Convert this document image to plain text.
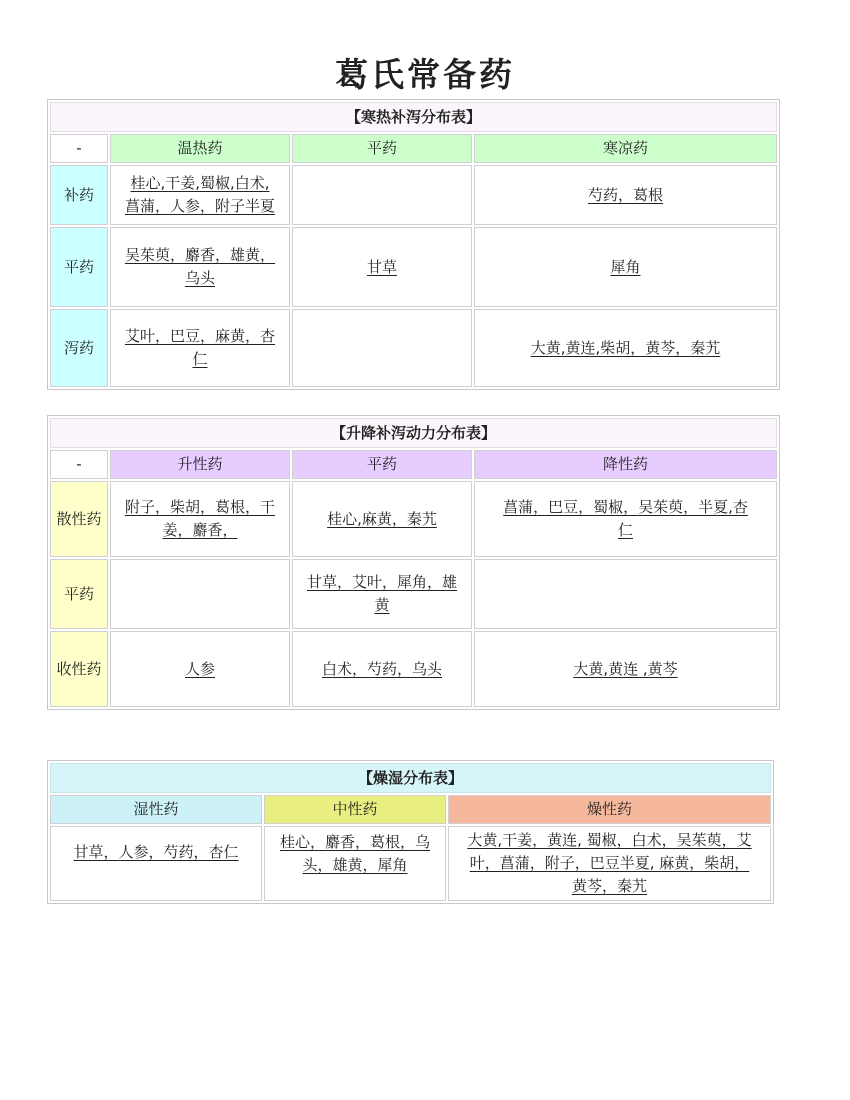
葛氏常备药
【寒热补泻分布表】			
-	温热药	平药	寒凉药
补药	桂心,干姜,蜀椒,白术,
菖蒲，人参，附子半夏		芍药，葛根
平药	吴茱萸，麝香，雄黄，
乌头	甘草	犀角
泻药	艾叶，巴豆，麻黄，杏
仁		大黄,黄连,柴胡，黄芩，秦艽
【升降补泻动力分布表】			
-	升性药	平药	降性药
散性药	附子，柴胡，葛根，干
姜，麝香，	桂心,麻黄，秦艽	菖蒲，巴豆，蜀椒，吴茱萸，半夏,杏
仁
平药		甘草，艾叶，犀角，雄
黄	
收性药	人参	白术，芍药，乌头	大黄,黄连 ,黄芩
【燥湿分布表】		
湿性药	中性药	燥性药
甘草，人参，芍药，杏仁	桂心，麝香，葛根，乌
头，雄黄，犀角	大黄,干姜，黄连, 蜀椒，白术，吴茱萸，艾
叶，菖蒲，附子，巴豆半夏, 麻黄，柴胡，
黄芩，秦艽
